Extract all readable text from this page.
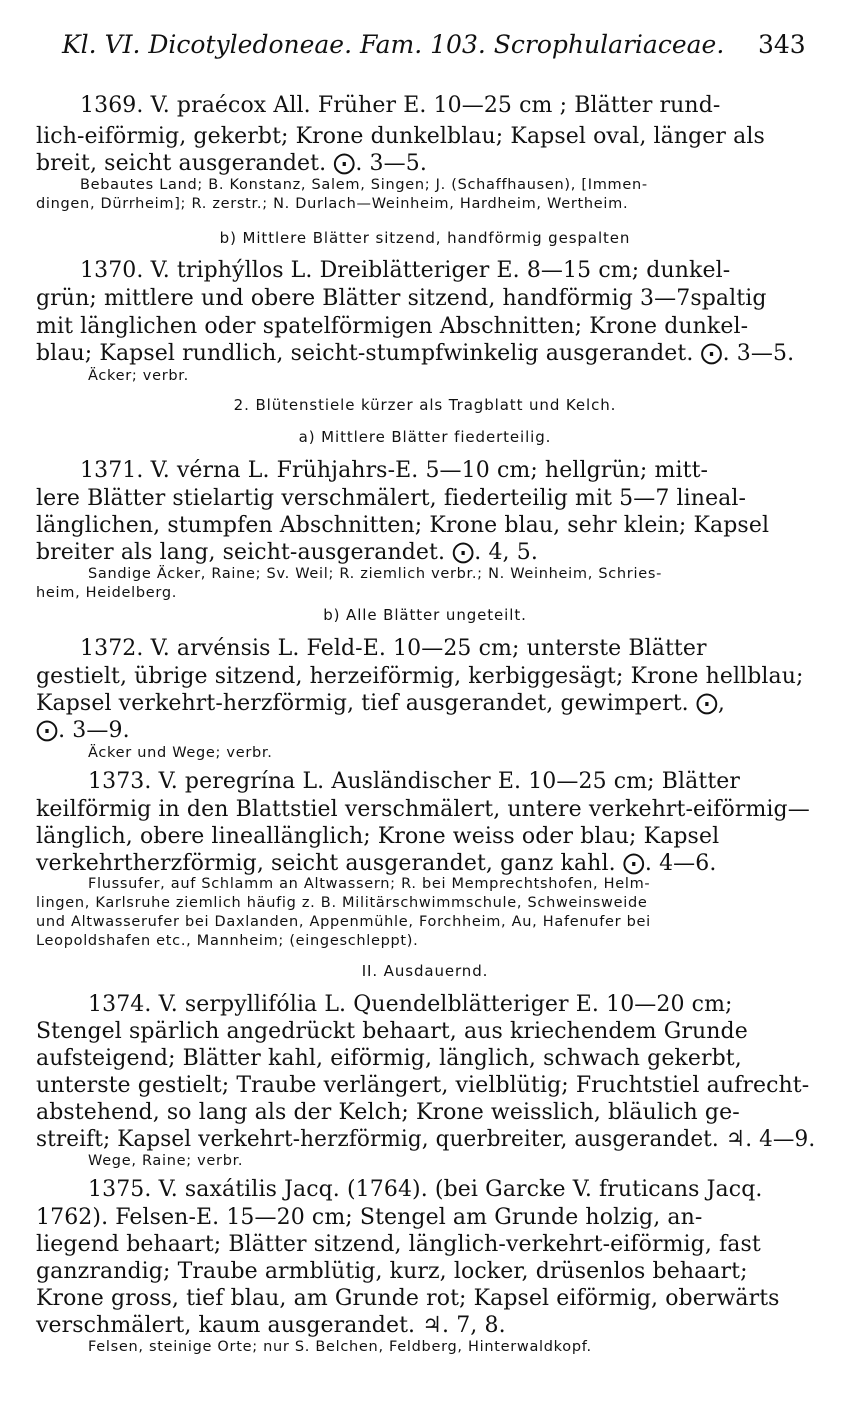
Kl. VI. Dicotyledoneae. Fam. 103. Scrophulariaceae.	343
1369. V. praécox All. Früher E. 10—25 cm ; Blätter rund-
lich-eiförmig, gekerbt; Krone dunkelblau; Kapsel oval, länger als
breit, seicht ausgerandet. ⨀. 3—5.
Bebautes Land; B. Konstanz, Salem, Singen; J. (Schaffhausen), [Immen-
dingen, Dürrheim]; R. zerstr.; N. Durlach—Weinheim, Hardheim, Wertheim.
b) Mittlere Blätter sitzend, handförmig gespalten
1370. V. triphýllos L. Dreiblätteriger E. 8—15 cm; dunkel-
grün; mittlere und obere Blätter sitzend, handförmig 3—7spaltig
mit länglichen oder spatelförmigen Abschnitten; Krone dunkel-
blau; Kapsel rundlich, seicht-stumpfwinkelig ausgerandet. ⨀. 3—5.
Äcker; verbr.
2. Blütenstiele kürzer als Tragblatt und Kelch.
a) Mittlere Blätter fiederteilig.
1371. V. vérna L. Frühjahrs-E. 5—10 cm; hellgrün; mitt-
lere Blätter stielartig verschmälert, fiederteilig mit 5—7 lineal-
länglichen, stumpfen Abschnitten; Krone blau, sehr klein; Kapsel
breiter als lang, seicht-ausgerandet. ⨀. 4, 5.
Sandige Äcker, Raine; Sv. Weil; R. ziemlich verbr.; N. Weinheim, Schries-
heim, Heidelberg.
b) Alle Blätter ungeteilt.
1372. V. arvénsis L. Feld-E. 10—25 cm; unterste Blätter
gestielt, übrige sitzend, herzeiförmig, kerbiggesägt; Krone hellblau;
Kapsel verkehrt-herzförmig, tief ausgerandet, gewimpert. ⨀,
⨀. 3—9.
Äcker und Wege; verbr.
1373. V. peregrína L. Ausländischer E. 10—25 cm; Blätter
keilförmig in den Blattstiel verschmälert, untere verkehrt-eiförmig—
länglich, obere lineallänglich; Krone weiss oder blau; Kapsel
verkehrtherzförmig, seicht ausgerandet, ganz kahl. ⨀. 4—6.
Flussufer, auf Schlamm an Altwassern; R. bei Memprechtshofen, Helm-
lingen, Karlsruhe ziemlich häufig z. B. Militärschwimmschule, Schweinsweide
und Altwasserufer bei Daxlanden, Appenmühle, Forchheim, Au, Hafenufer bei
Leopoldshafen etc., Mannheim; (eingeschleppt).
II. Ausdauernd.
1374. V. serpyllifólia L. Quendelblätteriger E. 10—20 cm;
Stengel spärlich angedrückt behaart, aus kriechendem Grunde
aufsteigend; Blätter kahl, eiförmig, länglich, schwach gekerbt,
unterste gestielt; Traube verlängert, vielblütig; Fruchtstiel aufrecht-
abstehend, so lang als der Kelch; Krone weisslich, bläulich ge-
streift; Kapsel verkehrt-herzförmig, querbreiter, ausgerandet. ♃. 4—9.
Wege, Raine; verbr.
1375. V. saxátilis Jacq. (1764). (bei Garcke V. fruticans Jacq.
1762). Felsen-E. 15—20 cm; Stengel am Grunde holzig, an-
liegend behaart; Blätter sitzend, länglich-verkehrt-eiförmig, fast
ganzrandig; Traube armblütig, kurz, locker, drüsenlos behaart;
Krone gross, tief blau, am Grunde rot; Kapsel eiförmig, oberwärts
verschmälert, kaum ausgerandet. ♃. 7, 8.
Felsen, steinige Orte; nur S. Belchen, Feldberg, Hinterwaldkopf.
